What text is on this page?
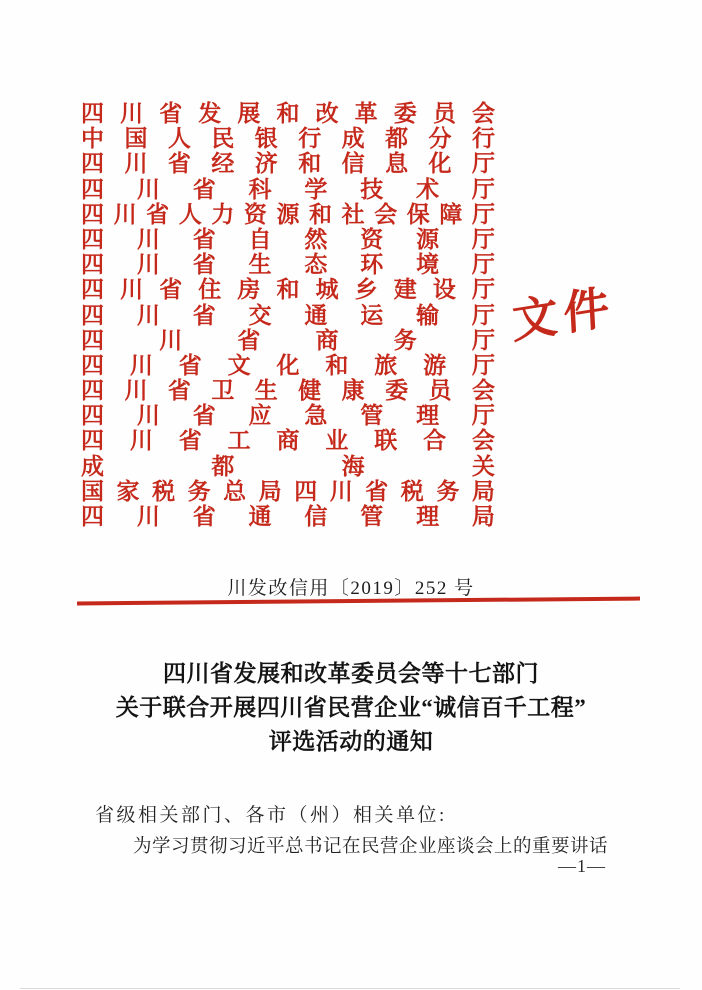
四 川 省 发 展 和 改 革 委 员 会
中 国 人 民 银 行 成 都 分 行
四 川 省 经 济 和 信 息 化 厅
四 川 省 科 学 技 术 厅
四 川 省 人 力 资 源 和 社 会 保 障 厅
四 川 省 自 然 资 源 厅
四 川 省 生 态 环 境 厅
四 川 省 住 房 和 城 乡 建 设 厅
四 川 省 交 通 运 输 厅
四 川 省 商 务 厅
四 川 省 文 化 和 旅 游 厅
四 川 省 卫 生 健 康 委 员 会
四 川 省 应 急 管 理 厅
四 川 省 工 商 业 联 合 会
成	都	海	关
国 家 税 务 总 局 四 川 省 税 务 局
四 川 省 通 信 管 理 局
文件
川发改信用〔2019〕252 号
四川省发展和改革委员会等十七部门
关于联合开展四川省民营企业“诚信百千工程”
评选活动的通知
省级相关部门、各市（州）相关单位:
为学习贯彻习近平总书记在民营企业座谈会上的重要讲话
—1—
